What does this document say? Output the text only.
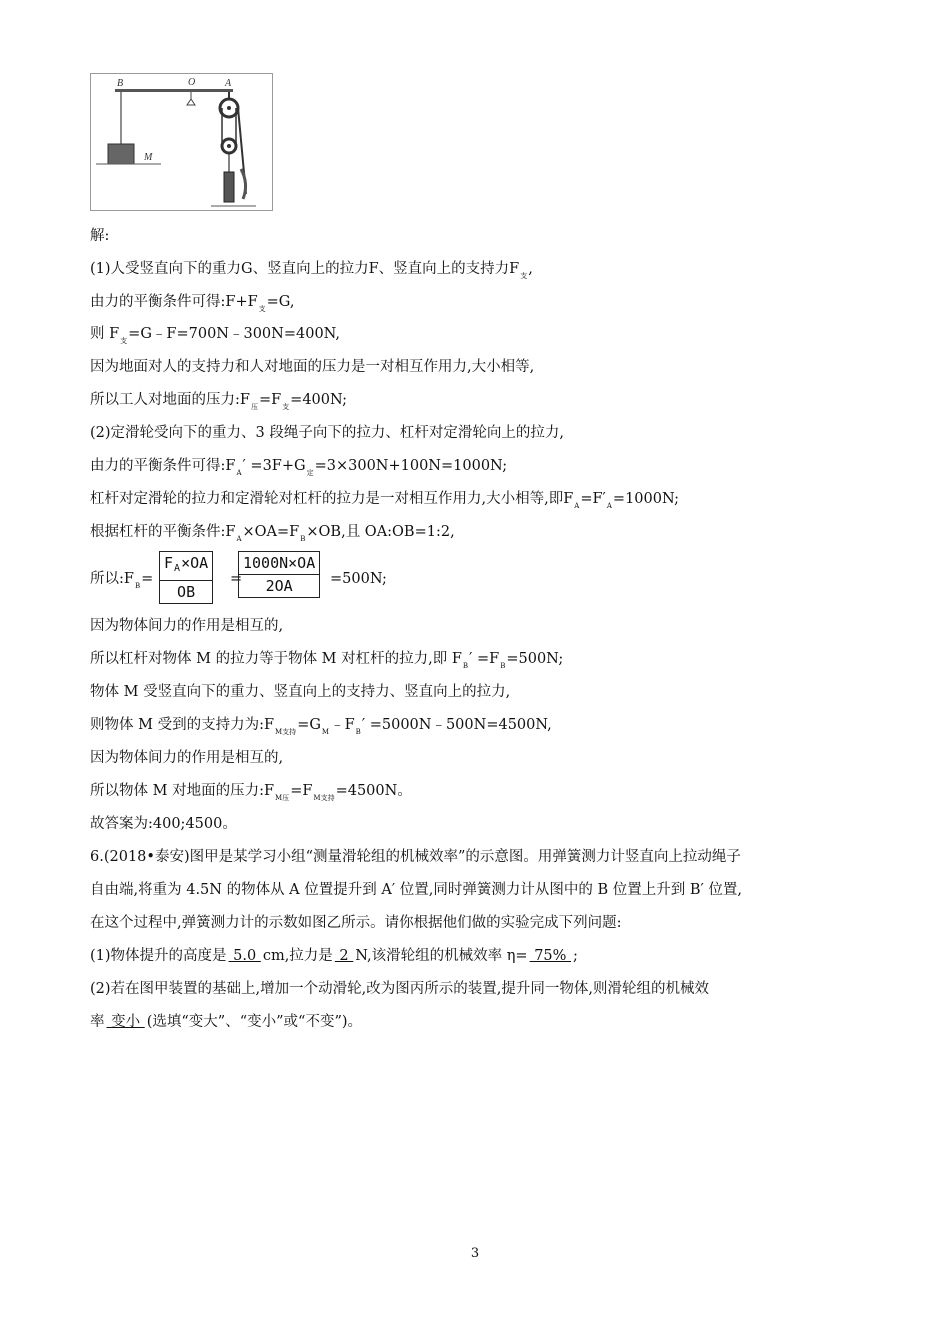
B	O	A
M
解:
(1)人受竖直向下的重力G、竖直向上的拉力F、竖直向上的支持力$F_支$,
由力的平衡条件可得$:F+F_支=G$,
则 $F_支=G﹣F=700N﹣300N=400N$,
因为地面对人的支持力和人对地面的压力是一对相互作用力,大小相等,
所以工人对地面的压力$:F_压=F_支=400N$;
(2)定滑轮受向下的重力、3 段绳子向下的拉力、杠杆对定滑轮向上的拉力,
由力的平衡条件可得$:F_A' =3F+G_定=3\times 300N+100N=1000N$;
杠杆对定滑轮的拉力和定滑轮对杠杆的拉力是一对相互作用力,大小相等,即$F_A=F'_A=1000N$;
根据杠杆的平衡条件$:F_A\times OA=F_B\times OB$,且 OA:OB=1:2,
所以$:F_B= \frac{F_A\times OA}{OB}$ =
$\frac{1000N\times OA}{2OA} =500N$;
因为物体间力的作用是相互的,
所以杠杆对物体 M 的拉力等于物体 M 对杠杆的拉力,即 $F_B' =F_B=500N$;
物体 M 受竖直向下的重力、竖直向上的支持力、竖直向上的拉力,
则物体 M 受到的支持力为$:F_{M支持}=G_M﹣F_B'$ =5000N﹣500N=4500N,
因为物体间力的作用是相互的,
所以物体 M 对地面的压力$:F_{M压}=F_{M支持}=4500N$。
故答案为:400;4500。
6.(2018•泰安)图甲是某学习小组“测量滑轮组的机械效率”的示意图。用弹簧测力计竖直向上拉动绳子
自由端,将重为 4.5N 的物体从 A 位置提升到 A′ 位置,同时弹簧测力计从图中的 B 位置上升到 B′ 位置,
在这个过程中,弹簧测力计的示数如图乙所示。请你根据他们做的实验完成下列问题:
(1)物体提升的高度是 5.0 cm,拉力是 2 N,该滑轮组的机械效率 η= 75% ;
(2)若在图甲装置的基础上,增加一个动滑轮,改为图丙所示的装置,提升同一物体,则滑轮组的机械效
率 变小 (选填“变大”、“变小”或“不变”)。
3
